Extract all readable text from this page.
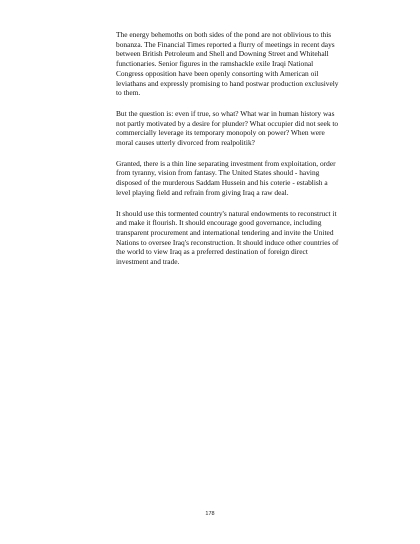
The energy behemoths on both sides of the pond are not oblivious to this bonanza. The Financial Times reported a flurry of meetings in recent days between British Petroleum and Shell and Downing Street and Whitehall functionaries. Senior figures in the ramshackle exile Iraqi National Congress opposition have been openly consorting with American oil leviathans and expressly promising to hand postwar production exclusively to them.

But the question is: even if true, so what? What war in human history was not partly motivated by a desire for plunder? What occupier did not seek to commercially leverage its temporary monopoly on power? When were moral causes utterly divorced from realpolitik?

Granted, there is a thin line separating investment from exploitation, order from tyranny, vision from fantasy. The United States should - having disposed of the murderous Saddam Hussein and his coterie - establish a level playing field and refrain from giving Iraq a raw deal.

It should use this tormented country's natural endowments to reconstruct it and make it flourish. It should encourage good governance, including transparent procurement and international tendering and invite the United Nations to oversee Iraq's reconstruction. It should induce other countries of the world to view Iraq as a preferred destination of foreign direct investment and trade.

178
